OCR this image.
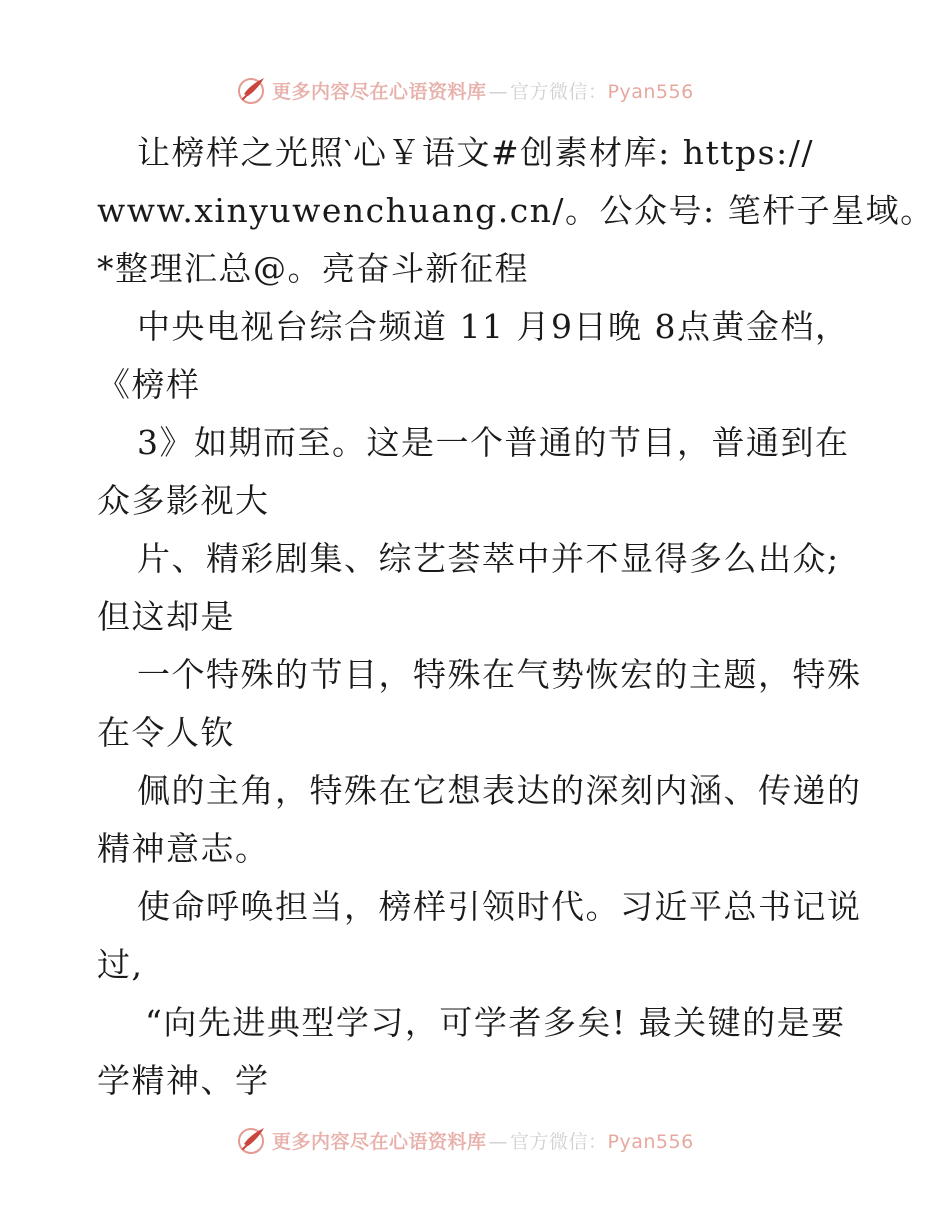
更多内容尽在心语资料库 — 官方微信：Pyan556
让榜样之光照‵心￥语文#创素材库: https://
www.xinyuwenchuang.cn/。公众号: 笔杆子星域。
*整理汇总@。亮奋斗新征程
中央电视台综合频道 11 月9日晚 8点黄金档，
《榜样
3》如期而至。这是一个普通的节目，普通到在
众多影视大
片、精彩剧集、综艺荟萃中并不显得多么出众;
但这却是
一个特殊的节目，特殊在气势恢宏的主题，特殊
在令人钦
佩的主角，特殊在它想表达的深刻内涵、传递的
精神意志。
使命呼唤担当，榜样引领时代。习近平总书记说
过,
“向先进典型学习，可学者多矣! 最关键的是要
学精神、学
更多内容尽在心语资料库 — 官方微信：Pyan556
